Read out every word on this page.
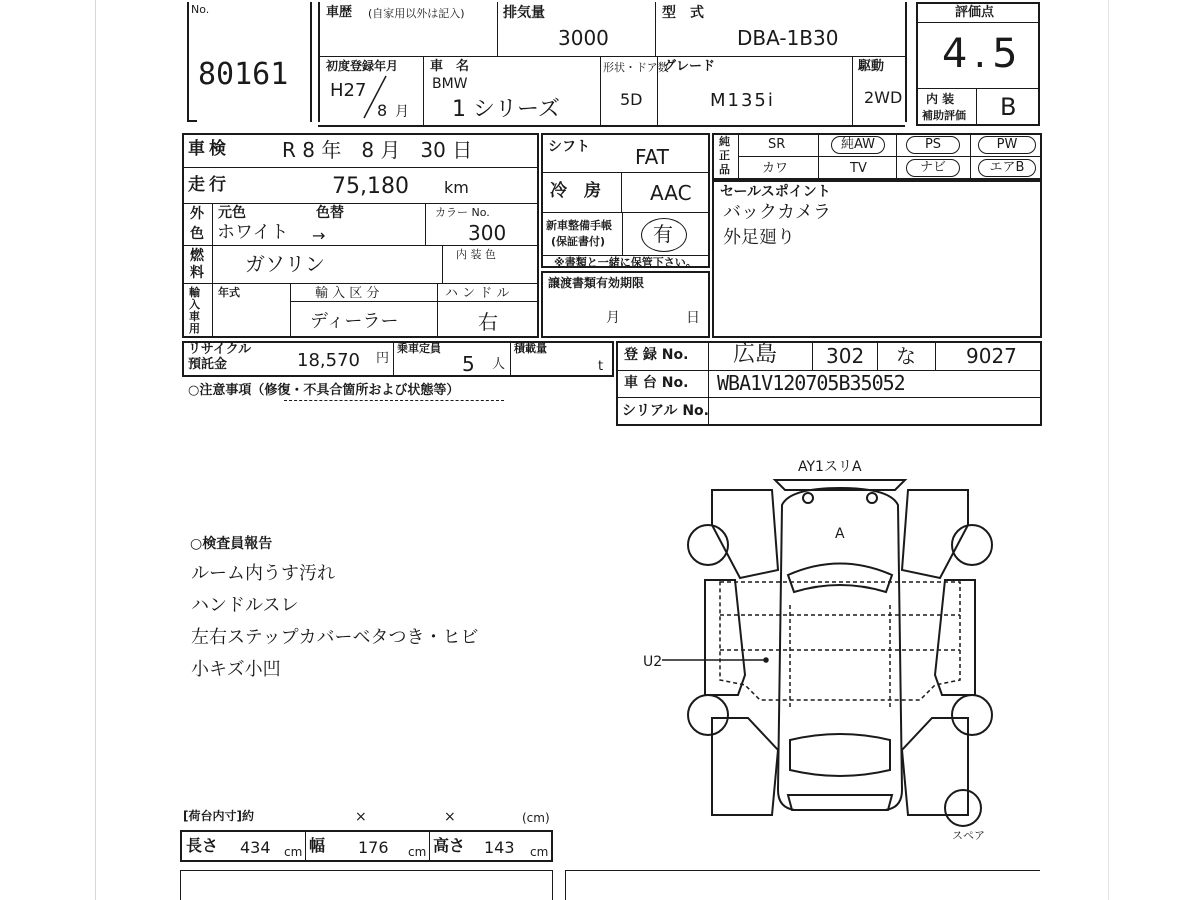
No.
80161
車歴 (自家用以外は記入)	排気量
3000
型　式
DBA-1B30
初度登録年月
H27
8 月
車　名
BMW
1 シリーズ
形状・ドア数
5D
グレード
M135i
駆動
2WD
評価点
4.5
内 装
補助評価 B
車検	R 8 年　8 月　30 日
走行	75,180 km
外
色
元色	色替
ホワイト →
カラー No.
300
燃
料 ガソリン	内 装 色
輸入車用
年式	輸 入 区 分
ディーラー
ハ ン ド ル
右
リサイクル
預託金	18,570 円
乗車定員
5 人
積載量
t
○注意事項（修復・不具合箇所および状態等）
シフト FAT
冷　房 AAC
新車整備手帳
(保証書付) 有
※書類と一緒に保管下さい。
譲渡書類有効期限
月	日
純
正
品
SR	純AW	PS	PW
カワ	TV	ナビ	エアB
セールスポイント
バックカメラ
外足廻り
登 録 No. 広島 302 な	9027
車 台 No. WBA1V120705B35052
シリアル No.
○検査員報告
ルーム内うす汚れ
ハンドルスレ
左右ステップカバーベタつき・ヒビ
小キズ小凹
AY1スリA
A
U2
スペア
[荷台内寸]約	×	×	(cm)
長さ 434 cm 幅 176 cm 高さ 143 cm
